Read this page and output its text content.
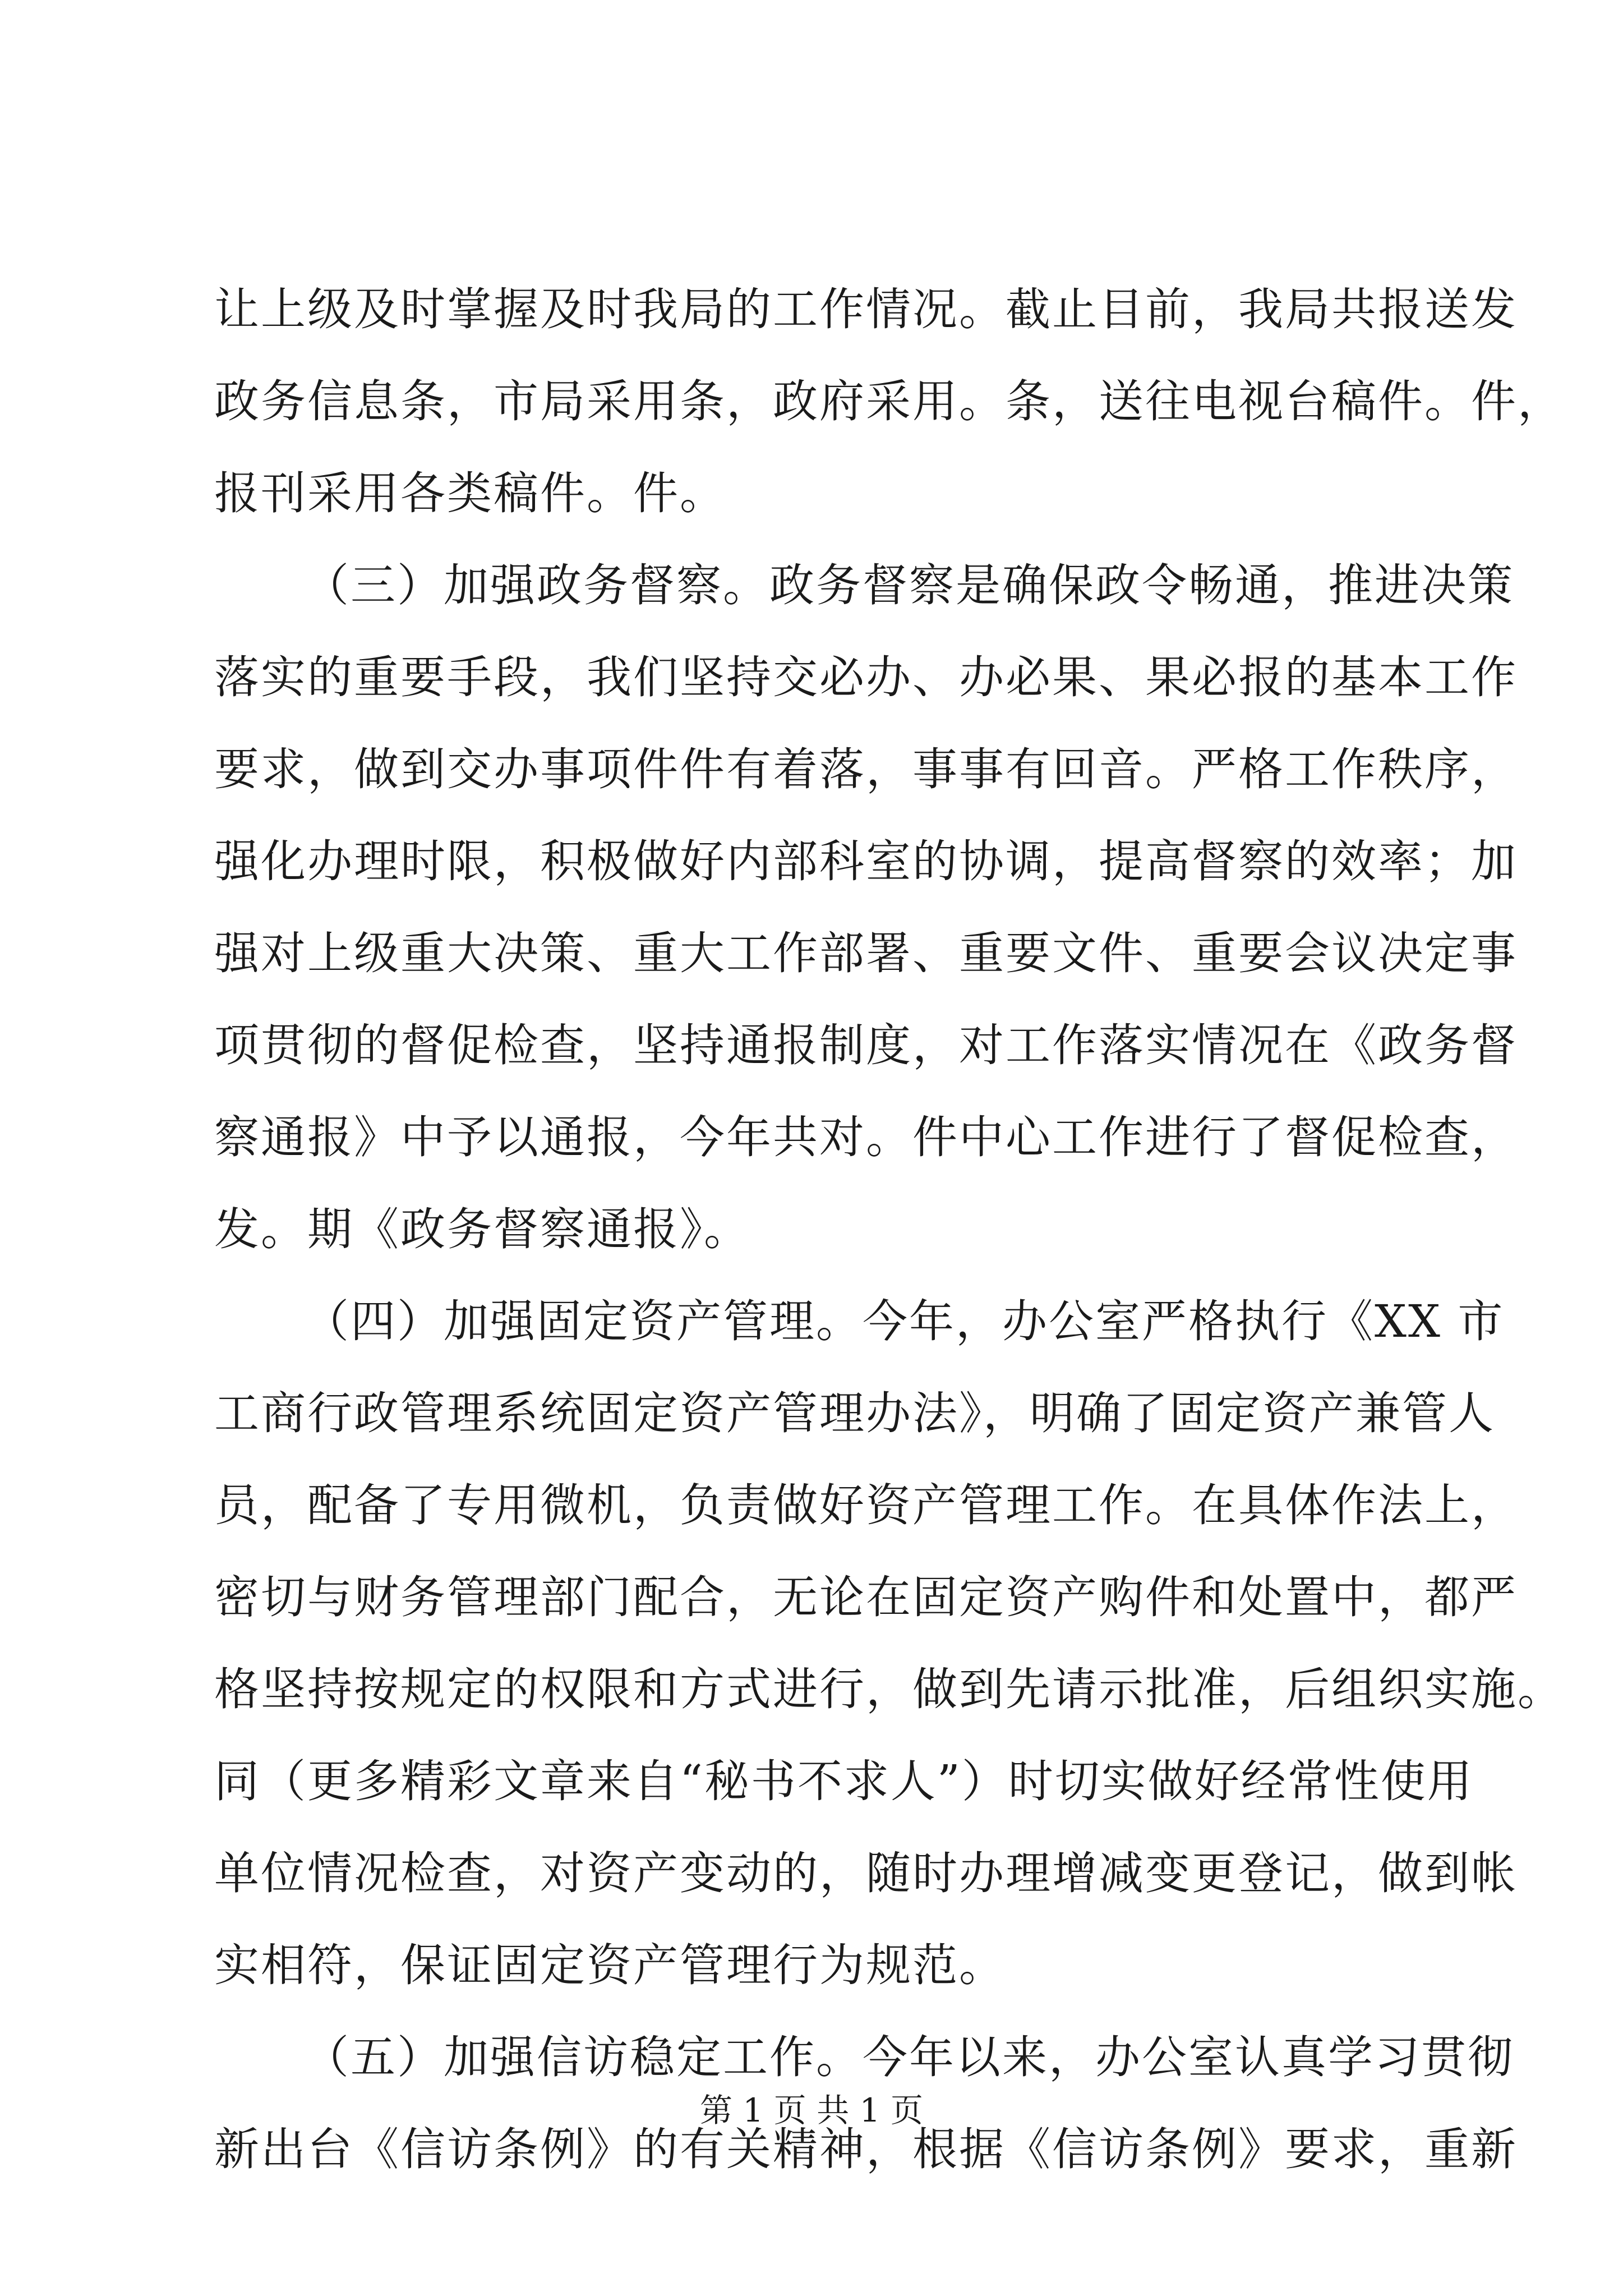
让上级及时掌握及时我局的工作情况。截止目前，我局共报送发
政务信息条，市局采用条，政府采用。条，送往电视台稿件。件，
报刊采用各类稿件。件。
（三）加强政务督察。政务督察是确保政令畅通，推进决策
落实的重要手段，我们坚持交必办、办必果、果必报的基本工作
要求，做到交办事项件件有着落，事事有回音。严格工作秩序，
强化办理时限，积极做好内部科室的协调，提高督察的效率；加
强对上级重大决策、重大工作部署、重要文件、重要会议决定事
项贯彻的督促检查，坚持通报制度，对工作落实情况在《政务督
察通报》中予以通报，今年共对。件中心工作进行了督促检查，
发。期《政务督察通报》。
（四）加强固定资产管理。今年，办公室严格执行《XX 市
工商行政管理系统固定资产管理办法》，明确了固定资产兼管人
员，配备了专用微机，负责做好资产管理工作。在具体作法上，
密切与财务管理部门配合，无论在固定资产购件和处置中，都严
格坚持按规定的权限和方式进行，做到先请示批准，后组织实施。
同（更多精彩文章来自“秘书不求人”）时切实做好经常性使用
单位情况检查，对资产变动的，随时办理增减变更登记，做到帐
实相符，保证固定资产管理行为规范。
（五）加强信访稳定工作。今年以来，办公室认真学习贯彻
新出台《信访条例》的有关精神，根据《信访条例》要求，重新
第 1 页 共 1 页
